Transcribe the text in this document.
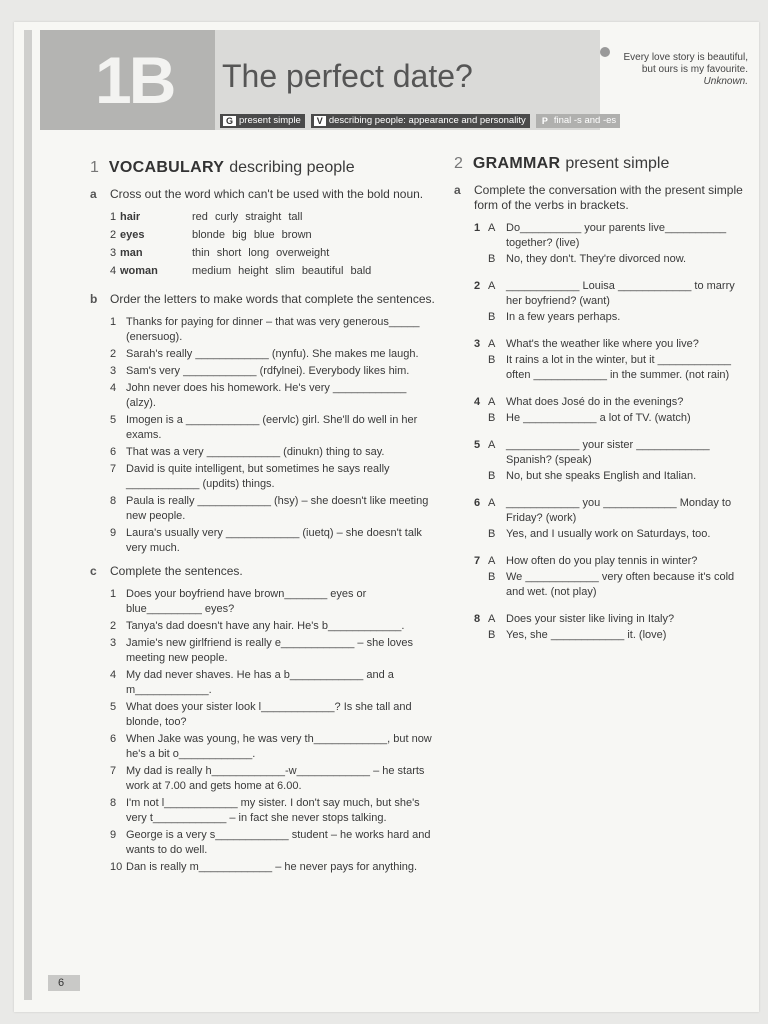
1B The perfect date?
Every love story is beautiful,
but ours is my favourite.
Unknown.
G present simple	V describing people: appearance and personality	P final -s and -es
1 VOCABULARY describing people
a	Cross out the word which can't be used with the bold noun.
1 hair	red curly straight tall
2 eyes	blonde big blue brown
3 man	thin short long overweight
4 woman	medium height slim beautiful bald
b	Order the letters to make words that complete the sentences.
1 Thanks for paying for dinner – that was very generous_____ (enersuog).
2 Sarah's really ____________ (nynfu). She makes me laugh.
3 Sam's very ____________ (rdfylnei). Everybody likes him.
4 John never does his homework. He's very ____________ (alzy).
5 Imogen is a ____________ (eervlc) girl. She'll do well in her exams.
6 That was a very ____________ (dinukn) thing to say.
7 David is quite intelligent, but sometimes he says really ____________ (updits) things.
8 Paula is really ____________ (hsy) – she doesn't like meeting new people.
9 Laura's usually very ____________ (iuetq) – she doesn't talk very much.
c	Complete the sentences.
1 Does your boyfriend have brown_______ eyes or blue_________ eyes?
2 Tanya's dad doesn't have any hair. He's b____________.
3 Jamie's new girlfriend is really e____________ – she loves meeting new people.
4 My dad never shaves. He has a b____________ and a m____________.
5 What does your sister look l____________? Is she tall and blonde, too?
6 When Jake was young, he was very th____________, but now he's a bit o____________.
7 My dad is really h____________-w____________ – he starts work at 7.00 and gets home at 6.00.
8 I'm not l____________ my sister. I don't say much, but she's very t____________ – in fact she never stops talking.
9 George is a very s____________ student – he works hard and wants to do well.
10 Dan is really m____________ – he never pays for anything.
2 GRAMMAR present simple
a	Complete the conversation with the present simple form of the verbs in brackets.
1 A Do__________ your parents live__________ together? (live)
B No, they don't. They're divorced now.
2 A ____________ Louisa ____________ to marry her boyfriend? (want)
B In a few years perhaps.
3 A What's the weather like where you live?
B It rains a lot in the winter, but it ____________ often ____________ in the summer. (not rain)
4 A What does José do in the evenings?
B He ____________ a lot of TV. (watch)
5 A ____________ your sister ____________ Spanish? (speak)
B No, but she speaks English and Italian.
6 A ____________ you ____________ Monday to Friday? (work)
B Yes, and I usually work on Saturdays, too.
7 A How often do you play tennis in winter?
B We ____________ very often because it's cold and wet. (not play)
8 A Does your sister like living in Italy?
B Yes, she ____________ it. (love)
6
